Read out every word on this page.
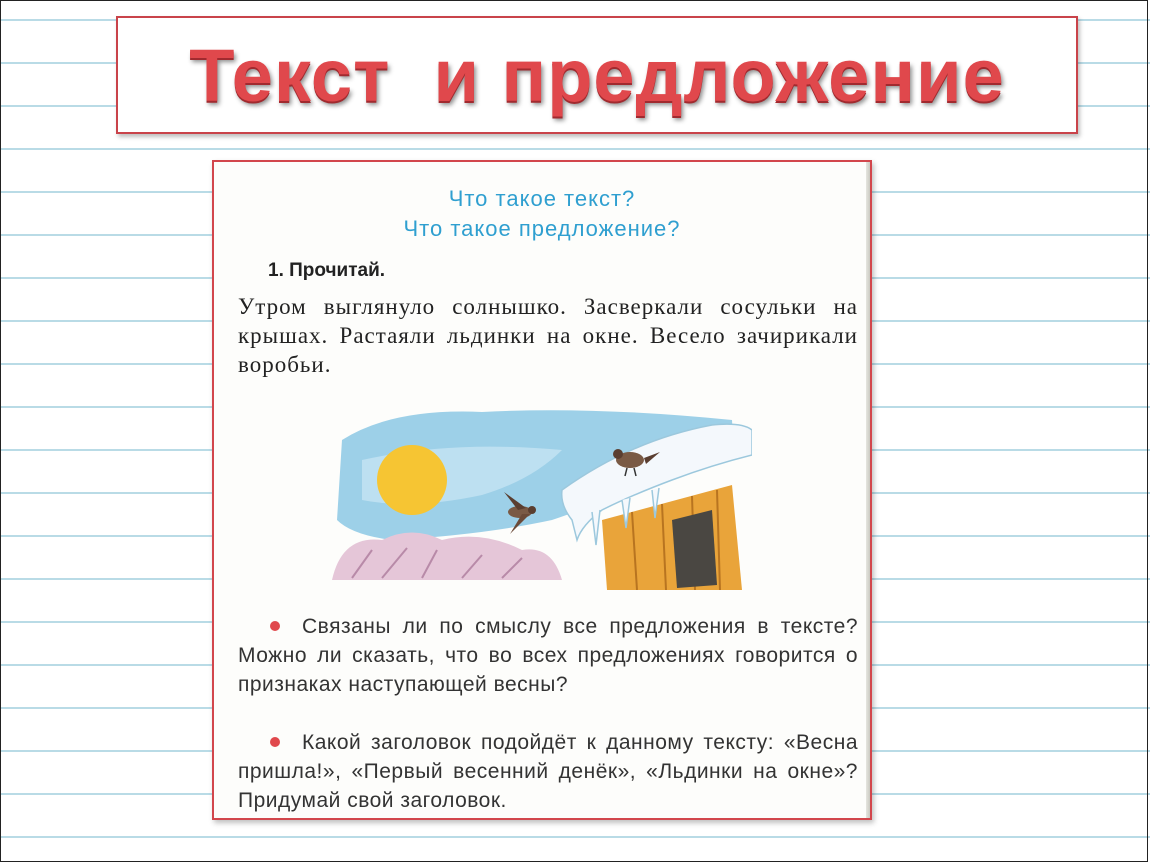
Текст  и предложение
Что такое текст?
Что такое предложение?
1. Прочитай.
Утром выглянуло солнышко. Засверкали сосульки на крышах. Растаяли льдинки на окне. Весело зачирикали воробьи.
Связаны ли по смыслу все предложения в тексте? Можно ли сказать, что во всех предложениях говорится о признаках наступающей весны?
Какой заголовок подойдёт к данному тексту: «Весна пришла!», «Первый весенний денёк», «Льдинки на окне»? Придумай свой заголовок.
